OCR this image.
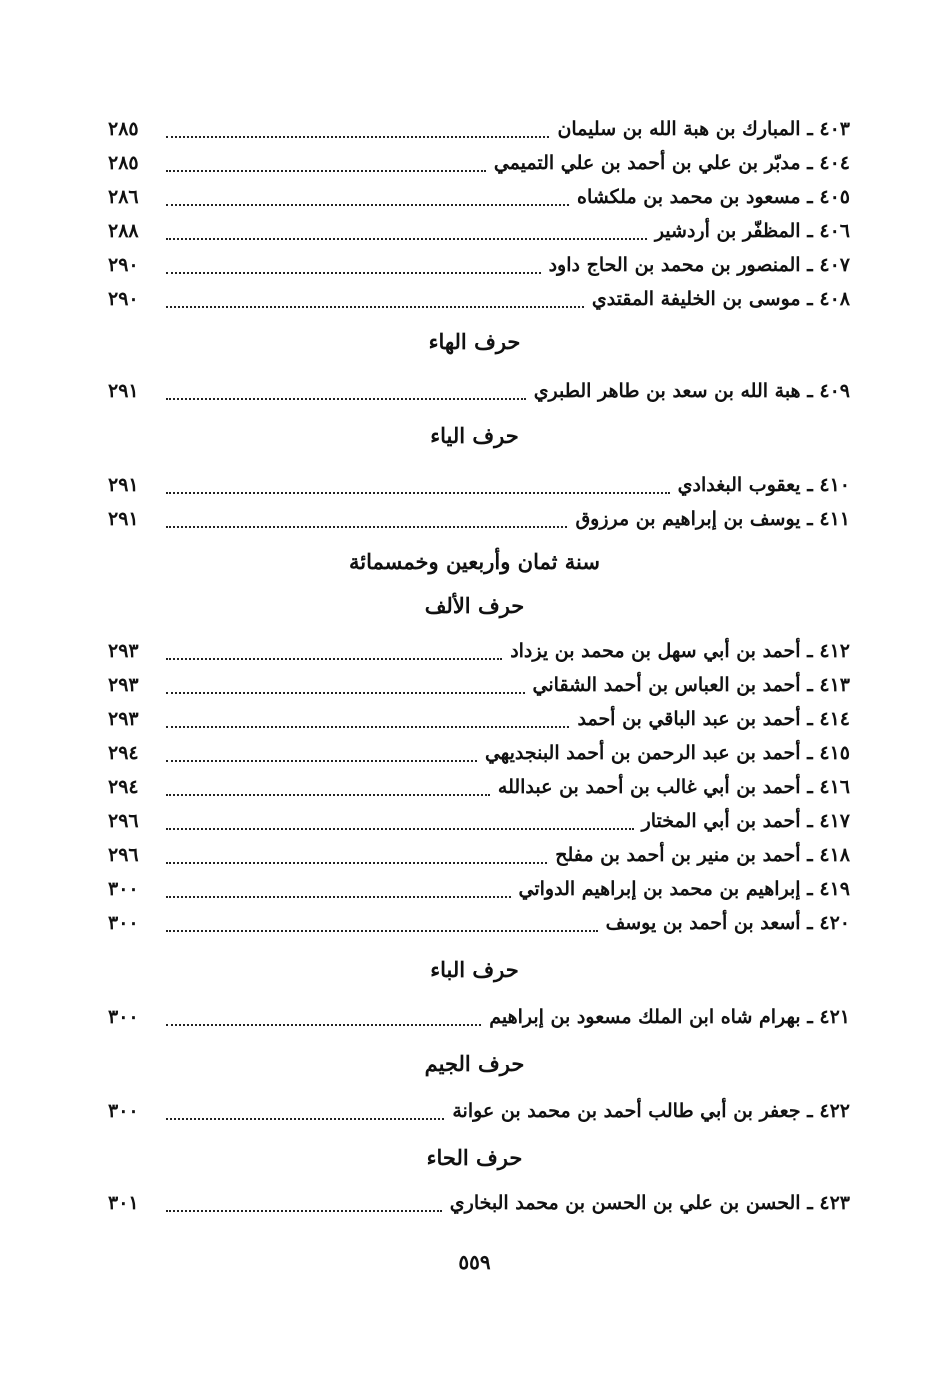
٤٠٣ ـ المبارك بن هبة الله بن سليمان
٢٨٥
٤٠٤ ـ مدبّر بن علي بن أحمد بن علي التميمي
٢٨٥
٤٠٥ ـ مسعود بن محمد بن ملكشاه
٢٨٦
٤٠٦ ـ المظفّر بن أردشير
٢٨٨
٤٠٧ ـ المنصور بن محمد بن الحاج داود
٢٩٠
٤٠٨ ـ موسى بن الخليفة المقتدي
٢٩٠
حرف الهاء
٤٠٩ ـ هبة الله بن سعد بن طاهر الطبري
٢٩١
حرف الياء
٤١٠ ـ يعقوب البغدادي
٢٩١
٤١١ ـ يوسف بن إبراهيم بن مرزوق
٢٩١
سنة ثمان وأربعين وخمسمائة
حرف الألف
٤١٢ ـ أحمد بن أبي سهل بن محمد بن يزداد
٢٩٣
٤١٣ ـ أحمد بن العباس بن أحمد الشقاني
٢٩٣
٤١٤ ـ أحمد بن عبد الباقي بن أحمد
٢٩٣
٤١٥ ـ أحمد بن عبد الرحمن بن أحمد البنجديهي
٢٩٤
٤١٦ ـ أحمد بن أبي غالب بن أحمد بن عبدالله
٢٩٤
٤١٧ ـ أحمد بن أبي المختار
٢٩٦
٤١٨ ـ أحمد بن منير بن أحمد بن مفلح
٢٩٦
٤١٩ ـ إبراهيم بن محمد بن إبراهيم الدواتي
٣٠٠
٤٢٠ ـ أسعد بن أحمد بن يوسف
٣٠٠
حرف الباء
٤٢١ ـ بهرام شاه ابن الملك مسعود بن إبراهيم
٣٠٠
حرف الجيم
٤٢٢ ـ جعفر بن أبي طالب أحمد بن محمد بن عوانة
٣٠٠
حرف الحاء
٤٢٣ ـ الحسن بن علي بن الحسن بن محمد البخاري
٣٠١
٥٥٩
